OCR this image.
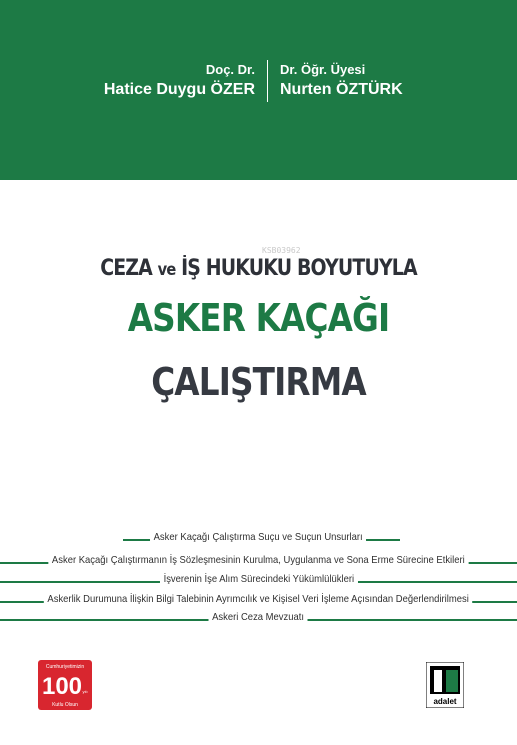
Doç. Dr.
Hatice Duygu ÖZER
Dr. Öğr. Üyesi
Nurten ÖZTÜRK
KSB03962
CEZA ve İŞ HUKUKU BOYUTUYLA
ASKER KAÇAĞI
ÇALIŞTIRMA
Asker Kaçağı Çalıştırma Suçu ve Suçun Unsurları
Asker Kaçağı Çalıştırmanın İş Sözleşmesinin Kurulma, Uygulanma ve Sona Erme Sürecine Etkileri
İşverenin İşe Alım Sürecindeki Yükümlülükleri
Askerlik Durumuna İlişkin Bilgi Talebinin Ayrımcılık ve Kişisel Veri İşleme Açısından Değerlendirilmesi
Askeri Ceza Mevzuatı
Cumhuriyetimizin
100 yılı
Kutlu Olsun	adalet
